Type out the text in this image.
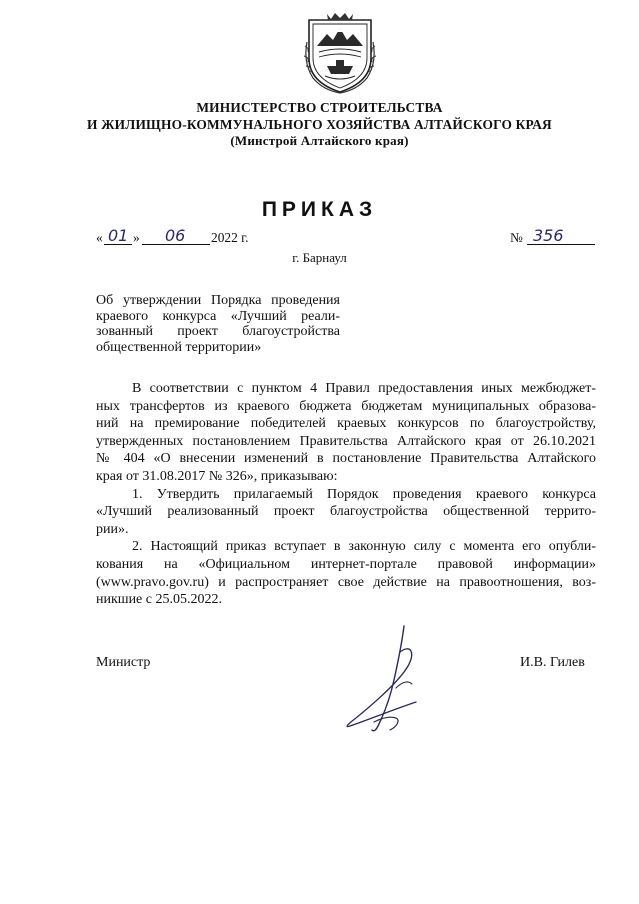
МИНИСТЕРСТВО СТРОИТЕЛЬСТВА
И ЖИЛИЩНО-КОММУНАЛЬНОГО ХОЗЯЙСТВА АЛТАЙСКОГО КРАЯ
(Минстрой Алтайского края)
ПРИКАЗ
« 01 » 06 2022 г.	№ 356
г. Барнаул
Об утверждении Порядка проведения
краевого конкурса «Лучший реали-
зованный проект благоустройства
общественной территории»
В соответствии с пунктом 4 Правил предоставления иных межбюджет-
ных трансфертов из краевого бюджета бюджетам муниципальных образова-
ний на премирование победителей краевых конкурсов по благоустройству,
утвержденных постановлением Правительства Алтайского края от 26.10.2021
№ 404 «О внесении изменений в постановление Правительства Алтайского
края от 31.08.2017 № 326», приказываю:
1. Утвердить прилагаемый Порядок проведения краевого конкурса
«Лучший реализованный проект благоустройства общественной террито-
рии».
2. Настоящий приказ вступает в законную силу с момента его опубли-
кования на «Официальном интернет-портале правовой информации»
(www.pravo.gov.ru) и распространяет свое действие на правоотношения, воз-
никшие с 25.05.2022.
Министр	И.В. Гилев
